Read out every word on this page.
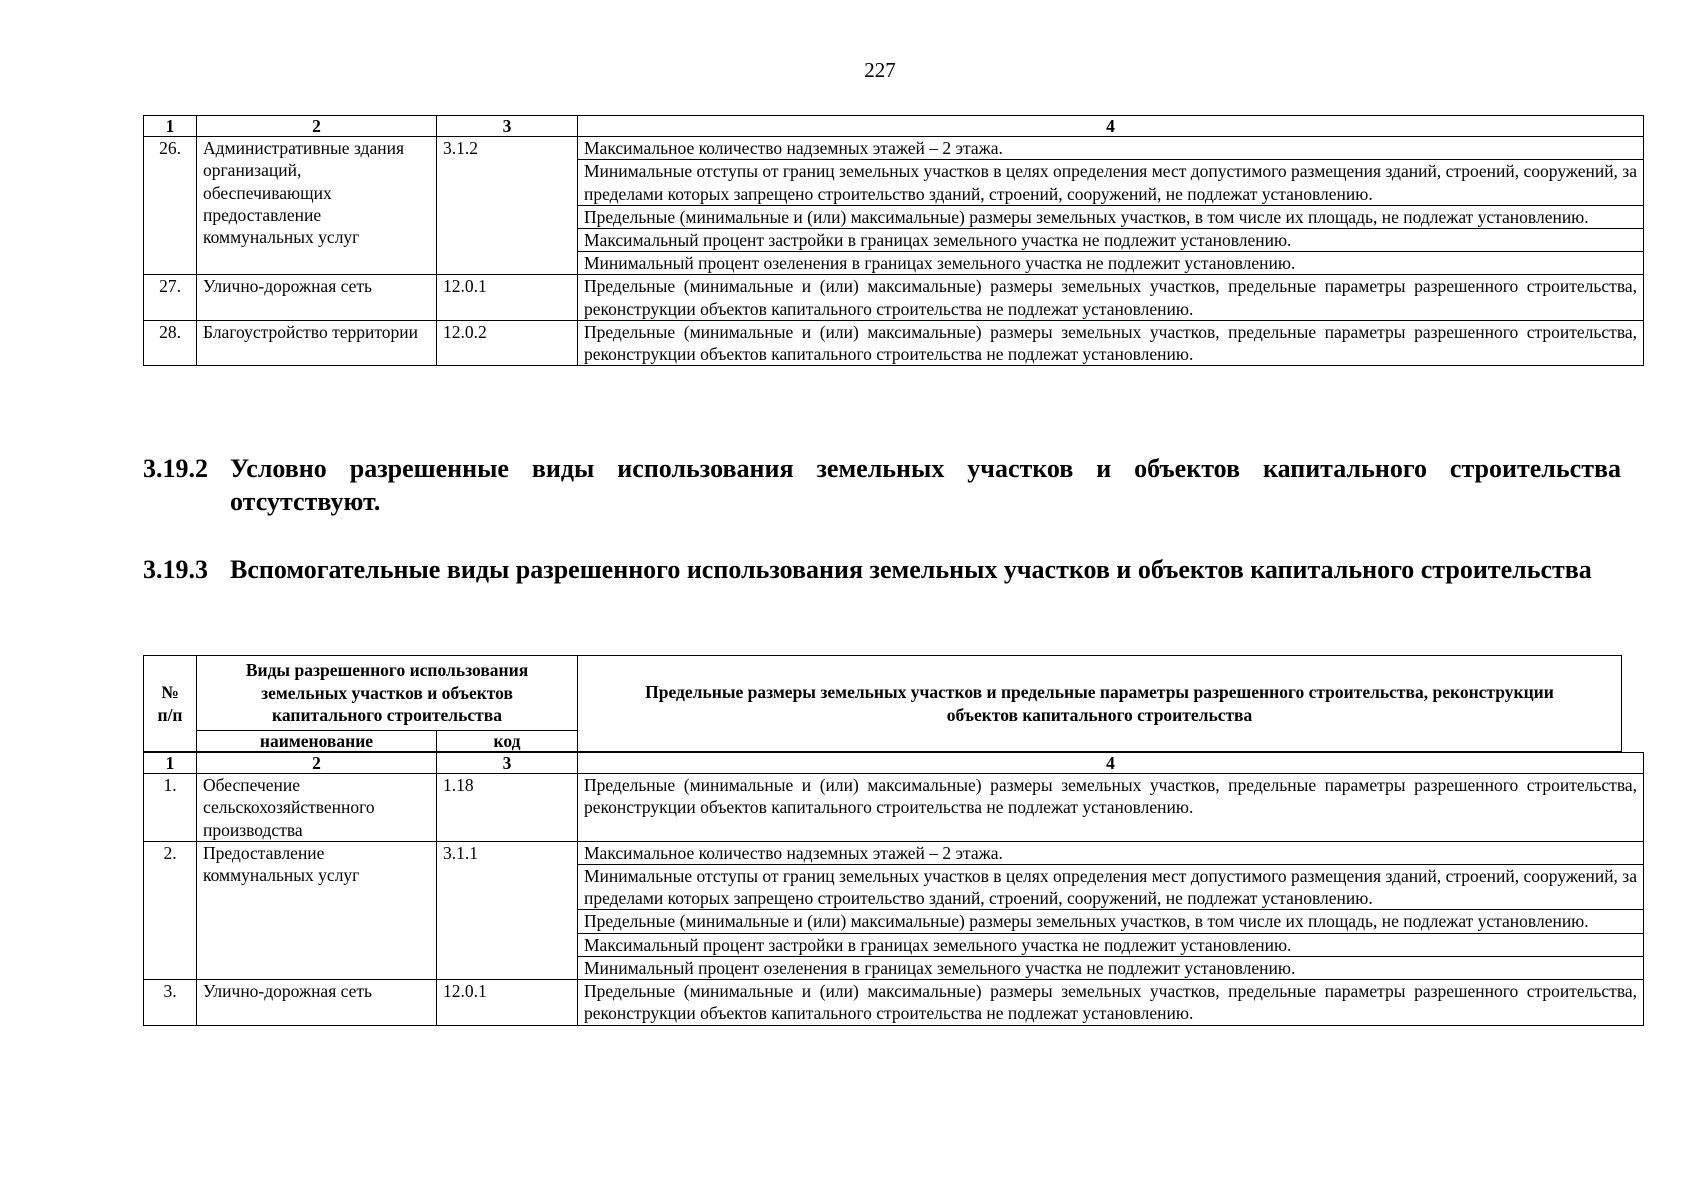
227
1	2	3	4
26.	Административные здания организаций, обеспечивающих предоставление коммунальных услуг	3.1.2	Максимальное количество надземных этажей – 2 этажа.
			Минимальные отступы от границ земельных участков в целях определения мест допустимого размещения зданий, строений, сооружений, за пределами которых запрещено строительство зданий, строений, сооружений, не подлежат установлению.
			Предельные (минимальные и (или) максимальные) размеры земельных участков, в том числе их площадь, не подлежат установлению.
			Максимальный процент застройки в границах земельного участка не подлежит установлению.
			Минимальный процент озеленения в границах земельного участка не подлежит установлению.
27.	Улично-дорожная сеть	12.0.1	Предельные (минимальные и (или) максимальные) размеры земельных участков, предельные параметры разрешенного строительства, реконструкции объектов капитального строительства не подлежат установлению.
28.	Благоустройство территории	12.0.2	Предельные (минимальные и (или) максимальные) размеры земельных участков, предельные параметры разрешенного строительства, реконструкции объектов капитального строительства не подлежат установлению.
3.19.2 Условно разрешенные виды использования земельных участков и объектов капитального строительства отсутствуют.
3.19.3 Вспомогательные виды разрешенного использования земельных участков и объектов капитального строительства
№ п/п	Виды разрешенного использования земельных участков и объектов капитального строительства		Предельные размеры земельных участков и предельные параметры разрешенного строительства, реконструкции объектов капитального строительства
	наименование	код	
1	2	3	4
1.	Обеспечение сельскохозяйственного производства	1.18	Предельные (минимальные и (или) максимальные) размеры земельных участков, предельные параметры разрешенного строительства, реконструкции объектов капитального строительства не подлежат установлению.
2.	Предоставление коммунальных услуг	3.1.1	Максимальное количество надземных этажей – 2 этажа.
			Минимальные отступы от границ земельных участков в целях определения мест допустимого размещения зданий, строений, сооружений, за пределами которых запрещено строительство зданий, строений, сооружений, не подлежат установлению.
			Предельные (минимальные и (или) максимальные) размеры земельных участков, в том числе их площадь, не подлежат установлению.
			Максимальный процент застройки в границах земельного участка не подлежит установлению.
			Минимальный процент озеленения в границах земельного участка не подлежит установлению.
3.	Улично-дорожная сеть	12.0.1	Предельные (минимальные и (или) максимальные) размеры земельных участков, предельные параметры разрешенного строительства, реконструкции объектов капитального строительства не подлежат установлению.
